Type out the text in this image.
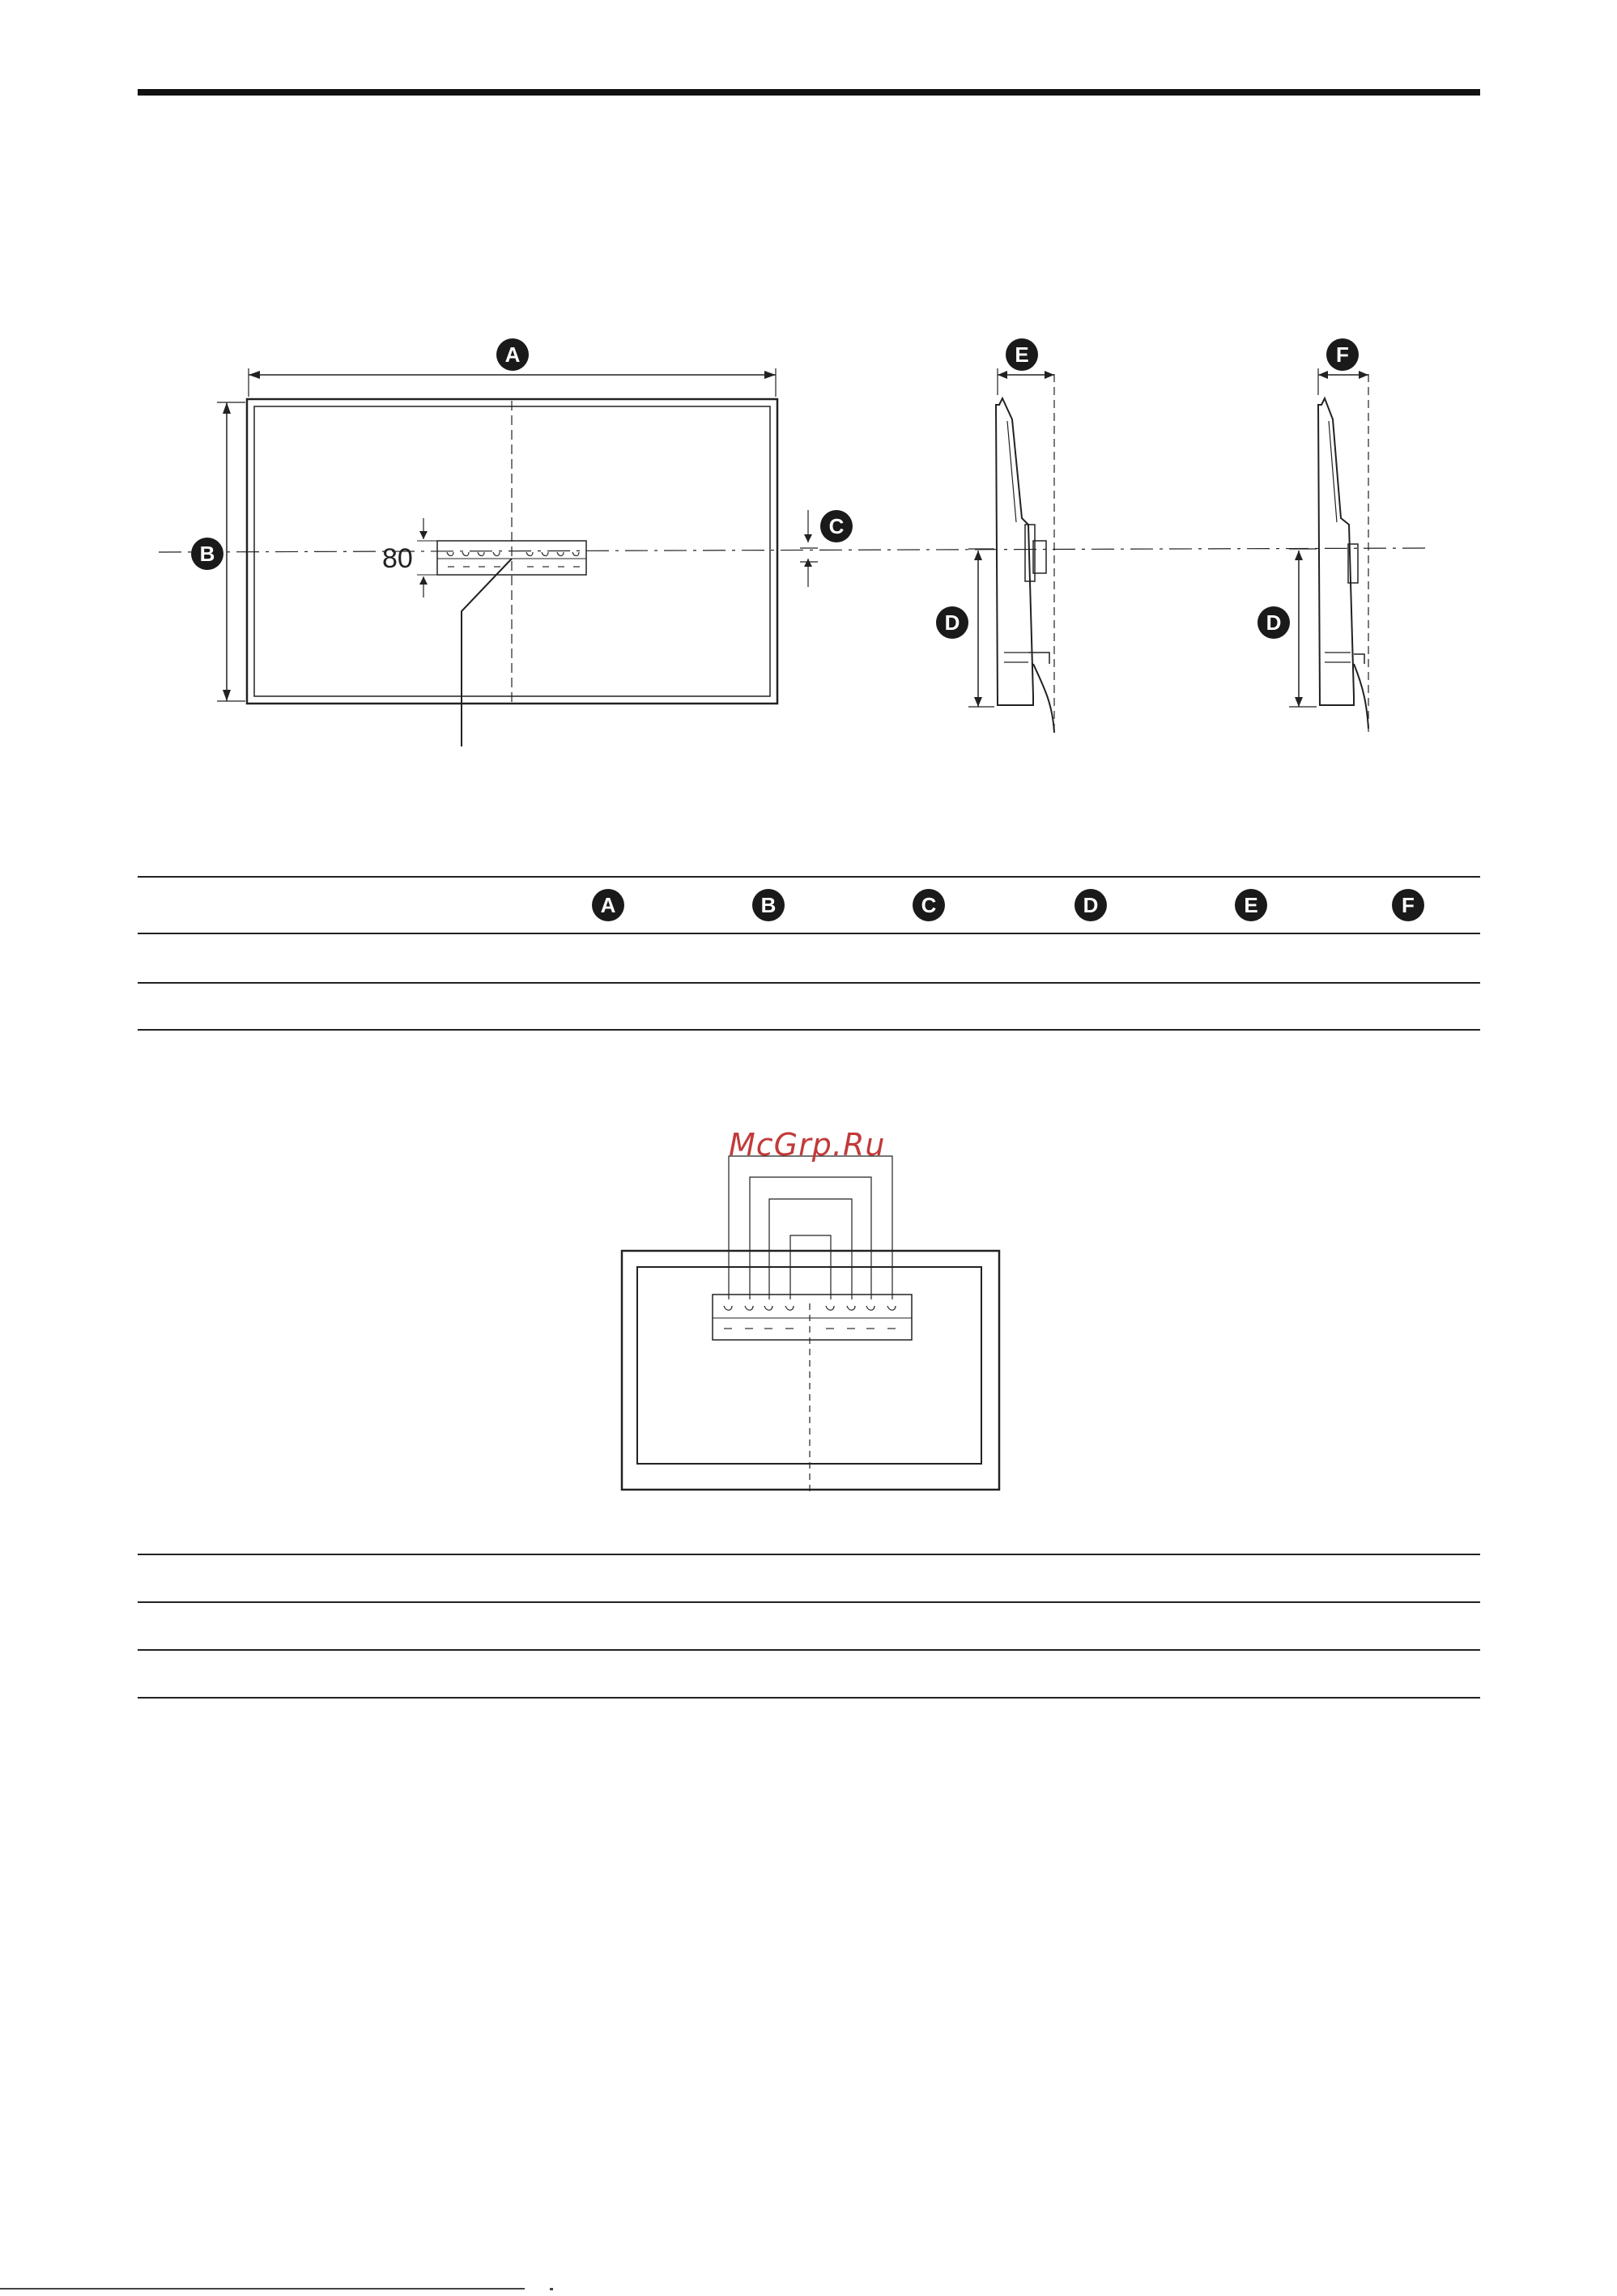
A
B
C
D	D
E	F
80
A	B	C	D	E	F
McGrp.Ru
